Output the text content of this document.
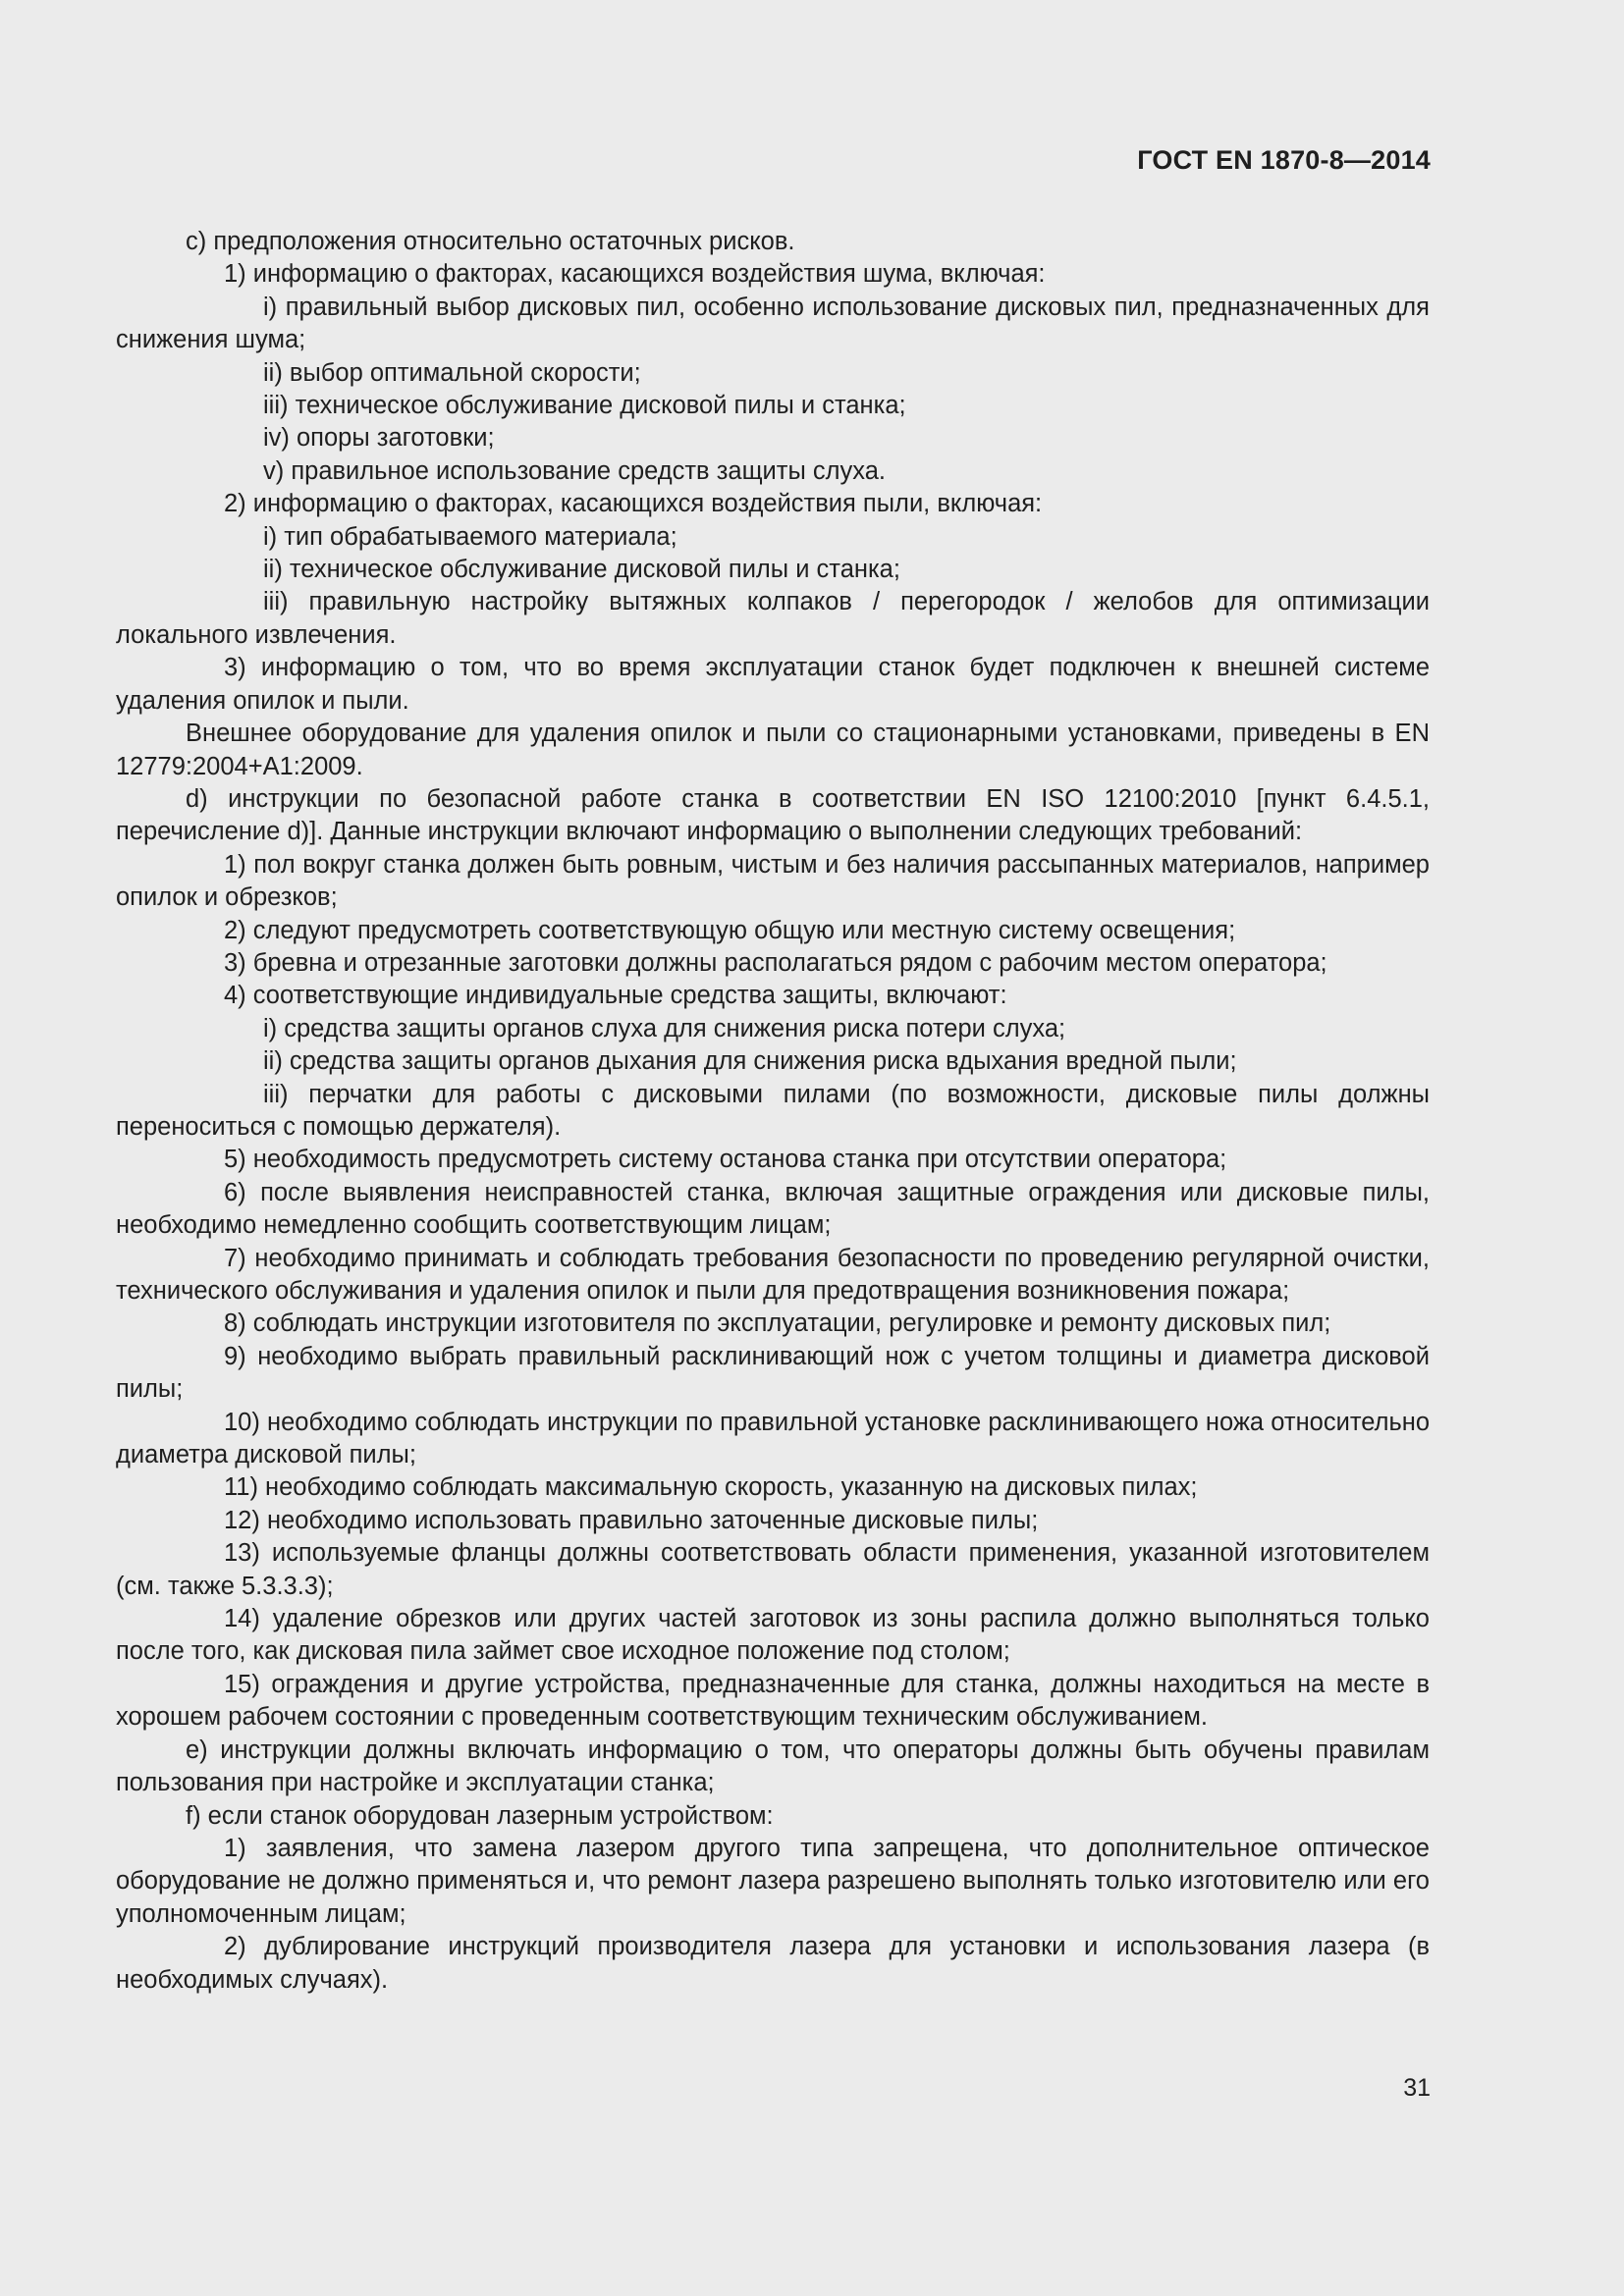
ГОСТ EN 1870-8—2014

c) предположения относительно остаточных рисков.

1) информацию о факторах, касающихся воздействия шума, включая:

i) правильный выбор дисковых пил, особенно использование дисковых пил, предназначенных для снижения шума;

ii) выбор оптимальной скорости;

iii) техническое обслуживание дисковой пилы и станка;

iv) опоры заготовки;

v) правильное использование средств защиты слуха.

2) информацию о факторах, касающихся воздействия пыли, включая:

i) тип обрабатываемого материала;

ii) техническое обслуживание дисковой пилы и станка;

iii) правильную настройку вытяжных колпаков / перегородок / желобов для оптимизации локального извлечения.

3) информацию о том, что во время эксплуатации станок будет подключен к внешней системе удаления опилок и пыли.

Внешнее оборудование для удаления опилок и пыли со стационарными установками, приведены в EN 12779:2004+A1:2009.

d) инструкции по безопасной работе станка в соответствии EN ISO 12100:2010 [пункт 6.4.5.1, перечисление d)]. Данные инструкции включают информацию о выполнении следующих требований:

1) пол вокруг станка должен быть ровным, чистым и без наличия рассыпанных материалов, например опилок и обрезков;

2) следуют предусмотреть соответствующую общую или местную систему освещения;

3) бревна и отрезанные заготовки должны располагаться рядом с рабочим местом оператора;

4) соответствующие индивидуальные средства защиты, включают:

i) средства защиты органов слуха для снижения риска потери слуха;

ii) средства защиты органов дыхания для снижения риска вдыхания вредной пыли;

iii) перчатки для работы с дисковыми пилами (по возможности, дисковые пилы должны переноситься с помощью держателя).

5) необходимость предусмотреть систему останова станка при отсутствии оператора;

6) после выявления неисправностей станка, включая защитные ограждения или дисковые пилы, необходимо немедленно сообщить соответствующим лицам;

7) необходимо принимать и соблюдать требования безопасности по проведению регулярной очистки, технического обслуживания и удаления опилок и пыли для предотвращения возникновения пожара;

8) соблюдать инструкции изготовителя по эксплуатации, регулировке и ремонту дисковых пил;

9) необходимо выбрать правильный расклинивающий нож с учетом толщины и диаметра дисковой пилы;

10) необходимо соблюдать инструкции по правильной установке расклинивающего ножа относительно диаметра дисковой пилы;

11) необходимо соблюдать максимальную скорость, указанную на дисковых пилах;

12) необходимо использовать правильно заточенные дисковые пилы;

13) используемые фланцы должны соответствовать области применения, указанной изготовителем (см. также 5.3.3.3);

14) удаление обрезков или других частей заготовок из зоны распила должно выполняться только после того, как дисковая пила займет свое исходное положение под столом;

15) ограждения и другие устройства, предназначенные для станка, должны находиться на месте в хорошем рабочем состоянии с проведенным соответствующим техническим обслуживанием.

e) инструкции должны включать информацию о том, что операторы должны быть обучены правилам пользования при настройке и эксплуатации станка;

f) если станок оборудован лазерным устройством:

1) заявления, что замена лазером другого типа запрещена, что дополнительное оптическое оборудование не должно применяться и, что ремонт лазера разрешено выполнять только изготовителю или его уполномоченным лицам;

2) дублирование инструкций производителя лазера для установки и использования лазера (в необходимых случаях).

31
